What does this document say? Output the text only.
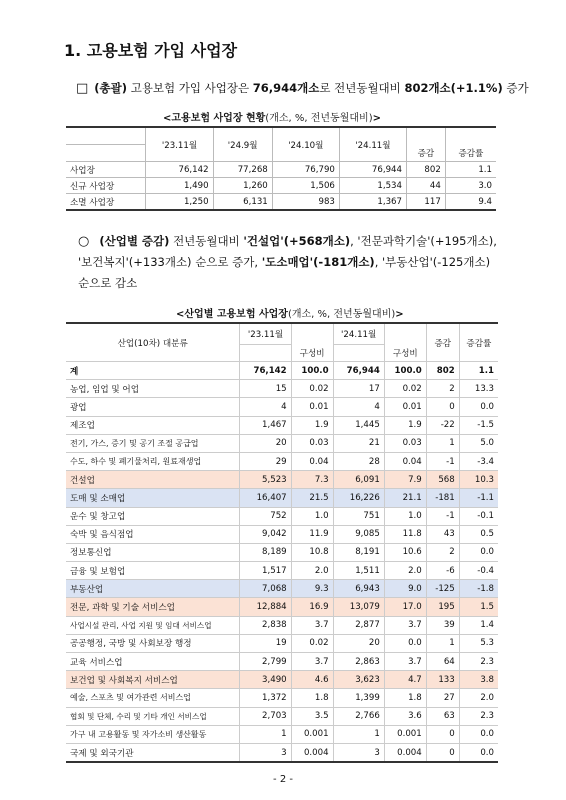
1. 고용보험 가입 사업장
□ (총괄) 고용보험 가입 사업장은 76,944개소로 전년동월대비 802개소(+1.1%) 증가
<고용보험 사업장 현황(개소, %, 전년동월대비)>
	'23.11월	'24.9월	'24.10월	'24.11월		
					증감	증감률
사업장	76,142	77,268	76,790	76,944	802	1.1
신규 사업장	1,490	1,260	1,506	1,534	44	3.0
소멸 사업장	1,250	6,131	983	1,367	117	9.4
○ (산업별 증감) 전년동월대비 '건설업'(+568개소), '전문과학기술'(+195개소),
'보건복지'(+133개소) 순으로 증가, '도소매업'(-181개소), '부동산업'(-125개소)
순으로 감소
<산업별 고용보험 사업장(개소, %, 전년동월대비)>
산업(10차) 대분류	'23.11월		'24.11월		증감	증감률
		구성비		구성비		
계	76,142	100.0	76,944	100.0	802	1.1
농업, 임업 및 어업	15	0.02	17	0.02	2	13.3
광업	4	0.01	4	0.01	0	0.0
제조업	1,467	1.9	1,445	1.9	-22	-1.5
전기, 가스, 증기 및 공기 조절 공급업	20	0.03	21	0.03	1	5.0
수도, 하수 및 폐기물처리, 원료재생업	29	0.04	28	0.04	-1	-3.4
건설업	5,523	7.3	6,091	7.9	568	10.3
도매 및 소매업	16,407	21.5	16,226	21.1	-181	-1.1
운수 및 창고업	752	1.0	751	1.0	-1	-0.1
숙박 및 음식점업	9,042	11.9	9,085	11.8	43	0.5
정보통신업	8,189	10.8	8,191	10.6	2	0.0
금융 및 보험업	1,517	2.0	1,511	2.0	-6	-0.4
부동산업	7,068	9.3	6,943	9.0	-125	-1.8
전문, 과학 및 기술 서비스업	12,884	16.9	13,079	17.0	195	1.5
사업시설 관리, 사업 지원 및 임대 서비스업	2,838	3.7	2,877	3.7	39	1.4
공공행정, 국방 및 사회보장 행정	19	0.02	20	0.0	1	5.3
교육 서비스업	2,799	3.7	2,863	3.7	64	2.3
보건업 및 사회복지 서비스업	3,490	4.6	3,623	4.7	133	3.8
예술, 스포츠 및 여가관련 서비스업	1,372	1.8	1,399	1.8	27	2.0
협회 및 단체, 수리 및 기타 개인 서비스업	2,703	3.5	2,766	3.6	63	2.3
가구 내 고용활동 및 자가소비 생산활동	1	0.001	1	0.001	0	0.0
국제 및 외국기관	3	0.004	3	0.004	0	0.0
- 2 -
